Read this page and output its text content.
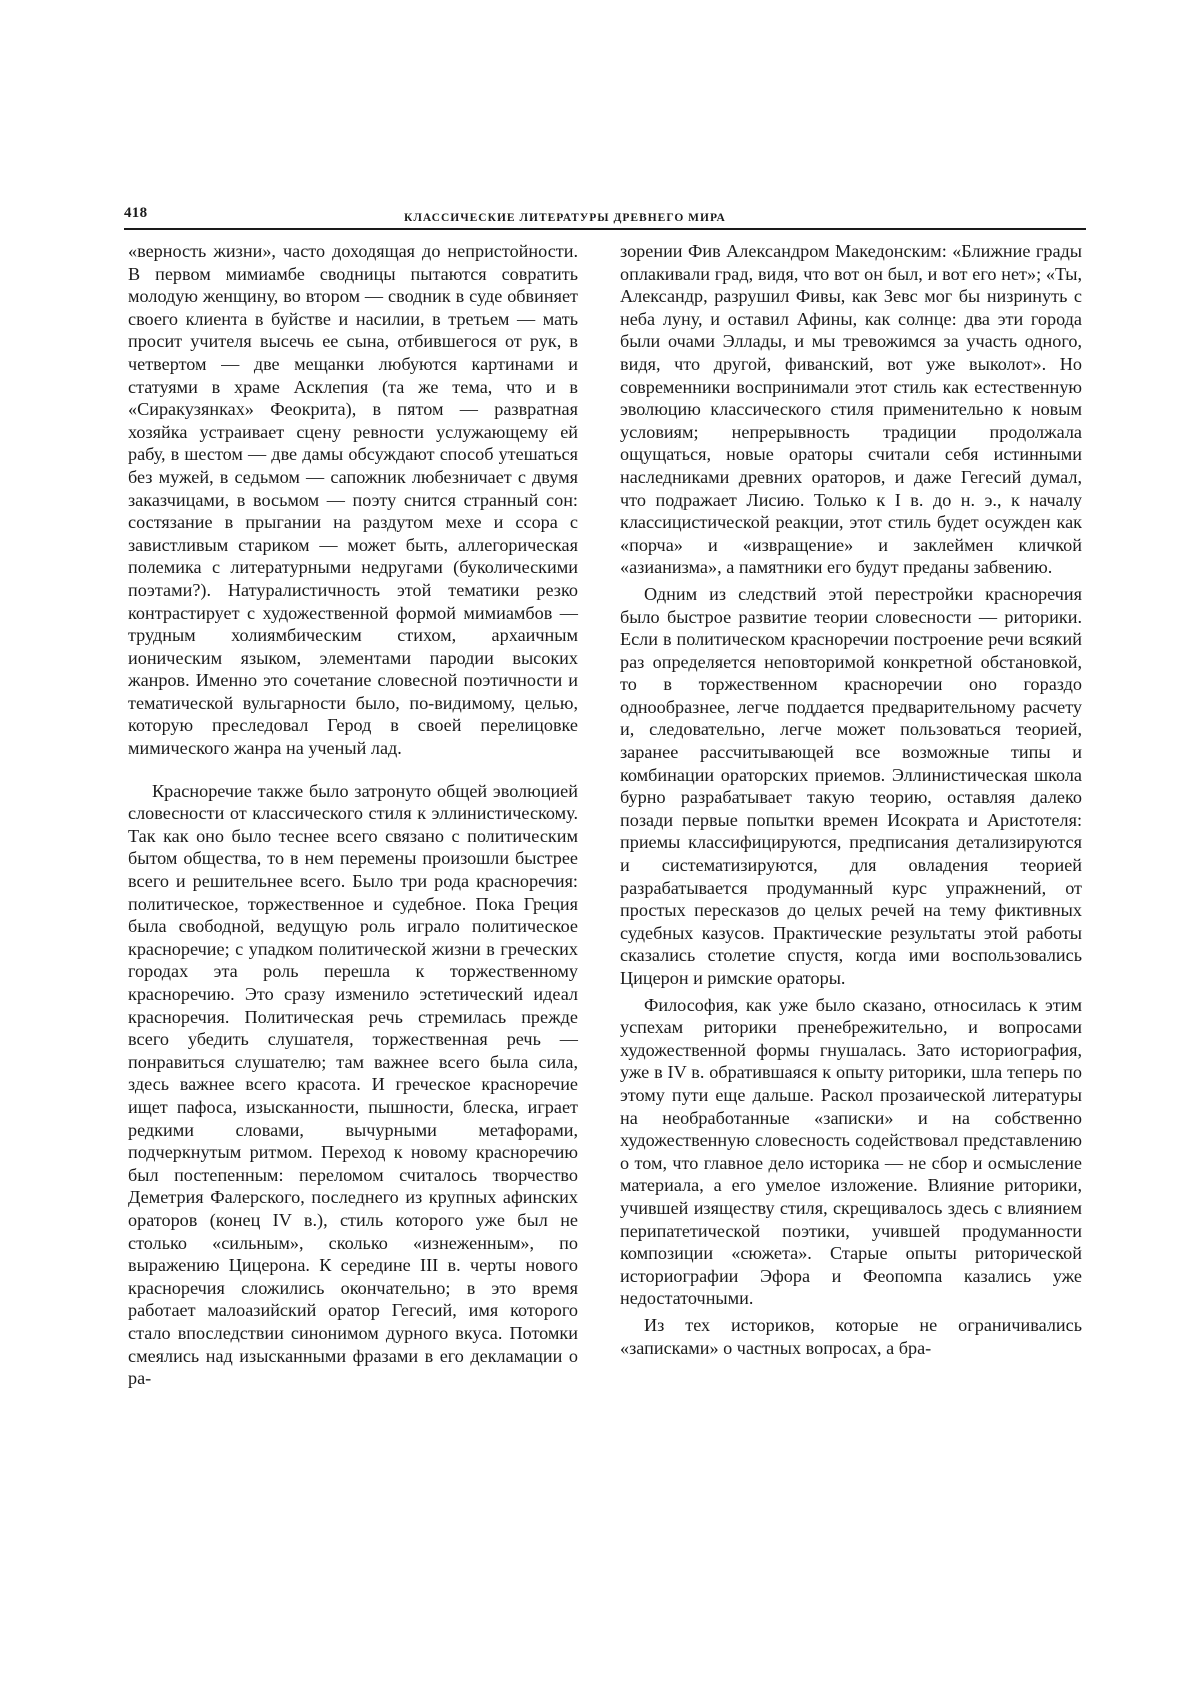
418	КЛАССИЧЕСКИЕ ЛИТЕРАТУРЫ ДРЕВНЕГО МИРА

«верность жизни», часто доходящая до непристойности. В первом мимиамбе сводницы пытаются совратить молодую женщину, во втором — сводник в суде обвиняет своего клиента в буйстве и насилии, в третьем — мать просит учителя высечь ее сына, отбившегося от рук, в четвертом — две мещанки любуются картинами и статуями в храме Асклепия (та же тема, что и в «Сиракузянках» Феокрита), в пятом — развратная хозяйка устраивает сцену ревности услужающему ей рабу, в шестом — две дамы обсуждают способ утешаться без мужей, в седьмом — сапожник любезничает с двумя заказчицами, в восьмом — поэту снится странный сон: состязание в прыгании на раздутом мехе и ссора с завистливым стариком — может быть, аллегорическая полемика с литературными недругами (буколическими поэтами?). Натуралистичность этой тематики резко контрастирует с художественной формой мимиамбов — трудным холиямбическим стихом, архаичным ионическим языком, элементами пародии высоких жанров. Именно это сочетание словесной поэтичности и тематической вульгарности было, по-видимому, целью, которую преследовал Герод в своей перелицовке мимического жанра на ученый лад.

Красноречие также было затронуто общей эволюцией словесности от классического стиля к эллинистическому. Так как оно было теснее всего связано с политическим бытом общества, то в нем перемены произошли быстрее всего и решительнее всего. Было три рода красноречия: политическое, торжественное и судебное. Пока Греция была свободной, ведущую роль играло политическое красноречие; с упадком политической жизни в греческих городах эта роль перешла к торжественному красноречию. Это сразу изменило эстетический идеал красноречия. Политическая речь стремилась прежде всего убедить слушателя, торжественная речь — понравиться слушателю; там важнее всего была сила, здесь важнее всего красота. И греческое красноречие ищет пафоса, изысканности, пышности, блеска, играет редкими словами, вычурными метафорами, подчеркнутым ритмом. Переход к новому красноречию был постепенным: переломом считалось творчество Деметрия Фалерского, последнего из крупных афинских ораторов (конец IV в.), стиль которого уже был не столько «сильным», сколько «изнеженным», по выражению Цицерона. К середине III в. черты нового красноречия сложились окончательно; в это время работает малоазийский оратор Гегесий, имя которого стало впоследствии синонимом дурного вкуса. Потомки смеялись над изысканными фразами в его декламации о ра-

зорении Фив Александром Македонским: «Ближние грады оплакивали град, видя, что вот он был, и вот его нет»; «Ты, Александр, разрушил Фивы, как Зевс мог бы низринуть с неба луну, и оставил Афины, как солнце: два эти города были очами Эллады, и мы тревожимся за участь одного, видя, что другой, фиванский, вот уже выколот». Но современники воспринимали этот стиль как естественную эволюцию классического стиля применительно к новым условиям; непрерывность традиции продолжала ощущаться, новые ораторы считали себя истинными наследниками древних ораторов, и даже Гегесий думал, что подражает Лисию. Только к I в. до н. э., к началу классицистической реакции, этот стиль будет осужден как «порча» и «извращение» и заклеймен кличкой «азианизма», а памятники его будут преданы забвению.

Одним из следствий этой перестройки красноречия было быстрое развитие теории словесности — риторики. Если в политическом красноречии построение речи всякий раз определяется неповторимой конкретной обстановкой, то в торжественном красноречии оно гораздо однообразнее, легче поддается предварительному расчету и, следовательно, легче может пользоваться теорией, заранее рассчитывающей все возможные типы и комбинации ораторских приемов. Эллинистическая школа бурно разрабатывает такую теорию, оставляя далеко позади первые попытки времен Исократа и Аристотеля: приемы классифицируются, предписания детализируются и систематизируются, для овладения теорией разрабатывается продуманный курс упражнений, от простых пересказов до целых речей на тему фиктивных судебных казусов. Практические результаты этой работы сказались столетие спустя, когда ими воспользовались Цицерон и римские ораторы.

Философия, как уже было сказано, относилась к этим успехам риторики пренебрежительно, и вопросами художественной формы гнушалась. Зато историография, уже в IV в. обратившаяся к опыту риторики, шла теперь по этому пути еще дальше. Раскол прозаической литературы на необработанные «записки» и на собственно художественную словесность содействовал представлению о том, что главное дело историка — не сбор и осмысление материала, а его умелое изложение. Влияние риторики, учившей изяществу стиля, скрещивалось здесь с влиянием перипатетической поэтики, учившей продуманности композиции «сюжета». Старые опыты риторической историографии Эфора и Феопомпа казались уже недостаточными.

Из тех историков, которые не ограничивались «записками» о частных вопросах, а бра-
